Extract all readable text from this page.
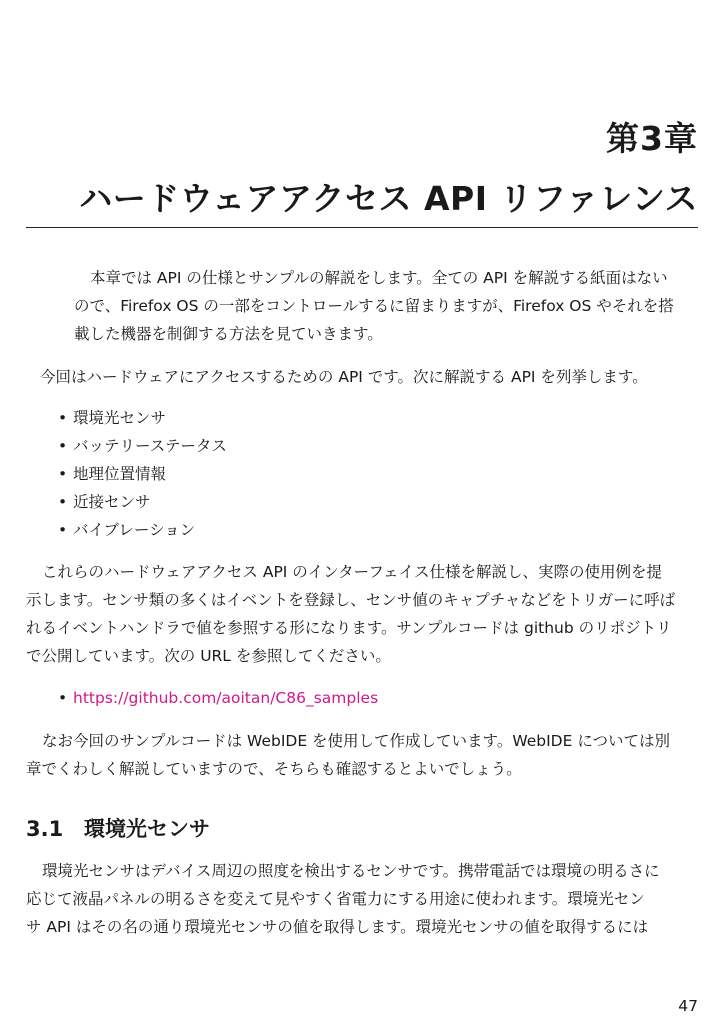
第3章
ハードウェアアクセス API リファレンス
本章では API の仕様とサンプルの解説をします。全ての API を解説する紙面はない
ので、Firefox OS の一部をコントロールするに留まりますが、Firefox OS やそれを搭
載した機器を制御する方法を見ていきます。
今回はハードウェアにアクセスするための API です。次に解説する API を列挙します。
• 環境光センサ
• バッテリーステータス
• 地理位置情報
• 近接センサ
• バイブレーション
これらのハードウェアアクセス API のインターフェイス仕様を解説し、実際の使用例を提
示します。センサ類の多くはイベントを登録し、センサ値のキャプチャなどをトリガーに呼ば
れるイベントハンドラで値を参照する形になります。サンプルコードは github のリポジトリ
で公開しています。次の URL を参照してください。
• https://github.com/aoitan/C86_samples
なお今回のサンプルコードは WebIDE を使用して作成しています。WebIDE については別
章でくわしく解説していますので、そちらも確認するとよいでしょう。
3.1 環境光センサ
環境光センサはデバイス周辺の照度を検出するセンサです。携帯電話では環境の明るさに
応じて液晶パネルの明るさを変えて見やすく省電力にする用途に使われます。環境光セン
サ API はその名の通り環境光センサの値を取得します。環境光センサの値を取得するには
47
